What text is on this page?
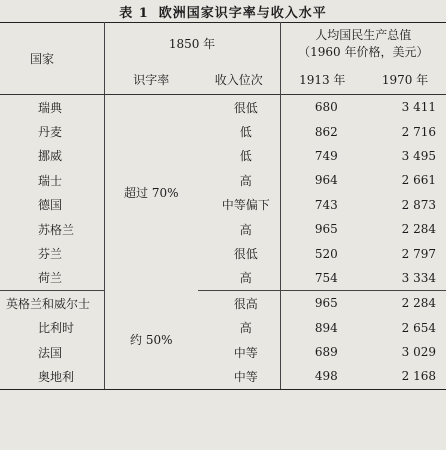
表 1 欧洲国家识字率与收入水平
国家	1850 年		人均国民生产总值
（1960 年价格，美元）	

	识字率	收入位次	1913 年	1970 年
瑞典	超过 70%	很低	680	3 411
丹麦		低	862	2 716
挪威		低	749	3 495
瑞士		高	964	2 661
德国		中等偏下	743	2 873
苏格兰		高	965	2 284
芬兰		很低	520	2 797
荷兰		高	754	3 334
英格兰和威尔士	约 50%	很高	965	2 284
比利时		高	894	2 654
法国		中等	689	3 029
奥地利		中等	498	2 168
